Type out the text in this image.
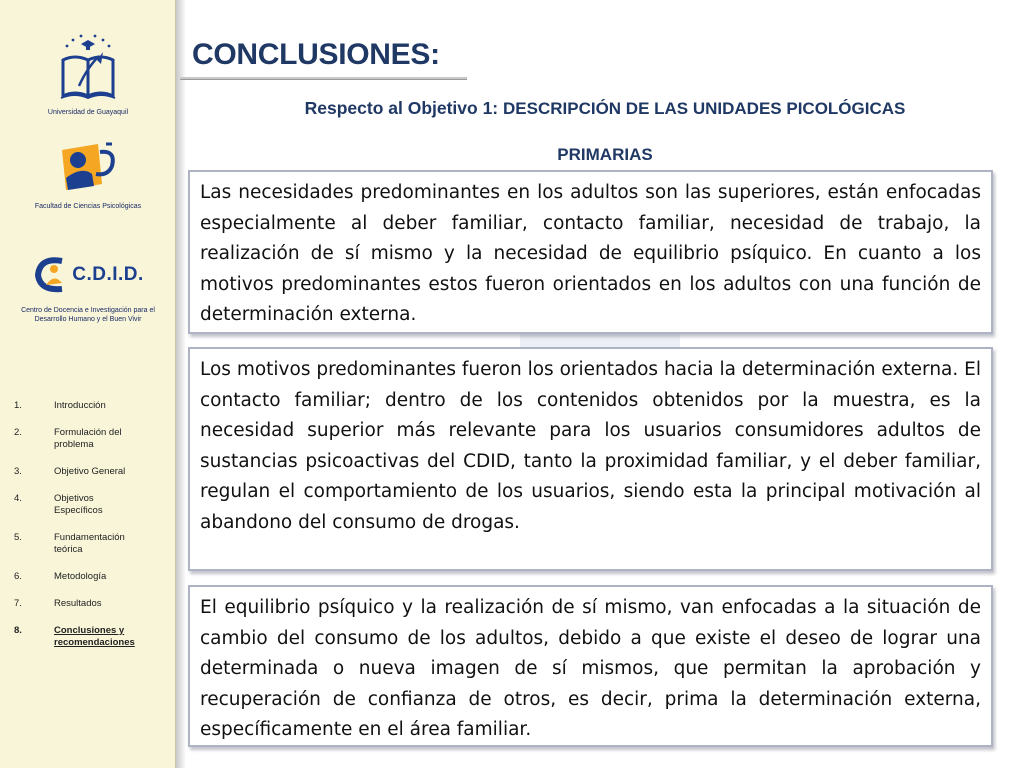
Universidad de Guayaquil
Facultad de Ciencias Psicológicas
C.D.I.D.
Centro de Docencia e Investigación para el Desarrollo Humano y el Buen Vivir
1.	Introducción
2.	Formulación del problema
3.	Objetivo General
4.	Objetivos Específicos
5.	Fundamentación teórica
6.	Metodología
7.	Resultados
8.	Conclusiones y recomendaciones
CONCLUSIONES:
Respecto al Objetivo 1: DESCRIPCIÓN DE LAS UNIDADES PICOLÓGICAS
PRIMARIAS
Las necesidades predominantes en los adultos son las superiores, están enfocadas especialmente al deber familiar, contacto familiar, necesidad de trabajo, la realización de sí mismo y la necesidad de equilibrio psíquico. En cuanto a los motivos predominantes estos fueron orientados en los adultos con una función de determinación externa.
Los motivos predominantes fueron los orientados hacia la determinación externa. El contacto familiar; dentro de los contenidos obtenidos por la muestra, es la necesidad superior más relevante para los usuarios consumidores adultos de sustancias psicoactivas del CDID, tanto la proximidad familiar, y el deber familiar, regulan el comportamiento de los usuarios, siendo esta la principal motivación al abandono del consumo de drogas.
El equilibrio psíquico y la realización de sí mismo, van enfocadas a la situación de cambio del consumo de los adultos, debido a que existe el deseo de lograr una determinada o nueva imagen de sí mismos, que permitan la aprobación y recuperación de confianza de otros, es decir, prima la determinación externa, específicamente en el área familiar.
